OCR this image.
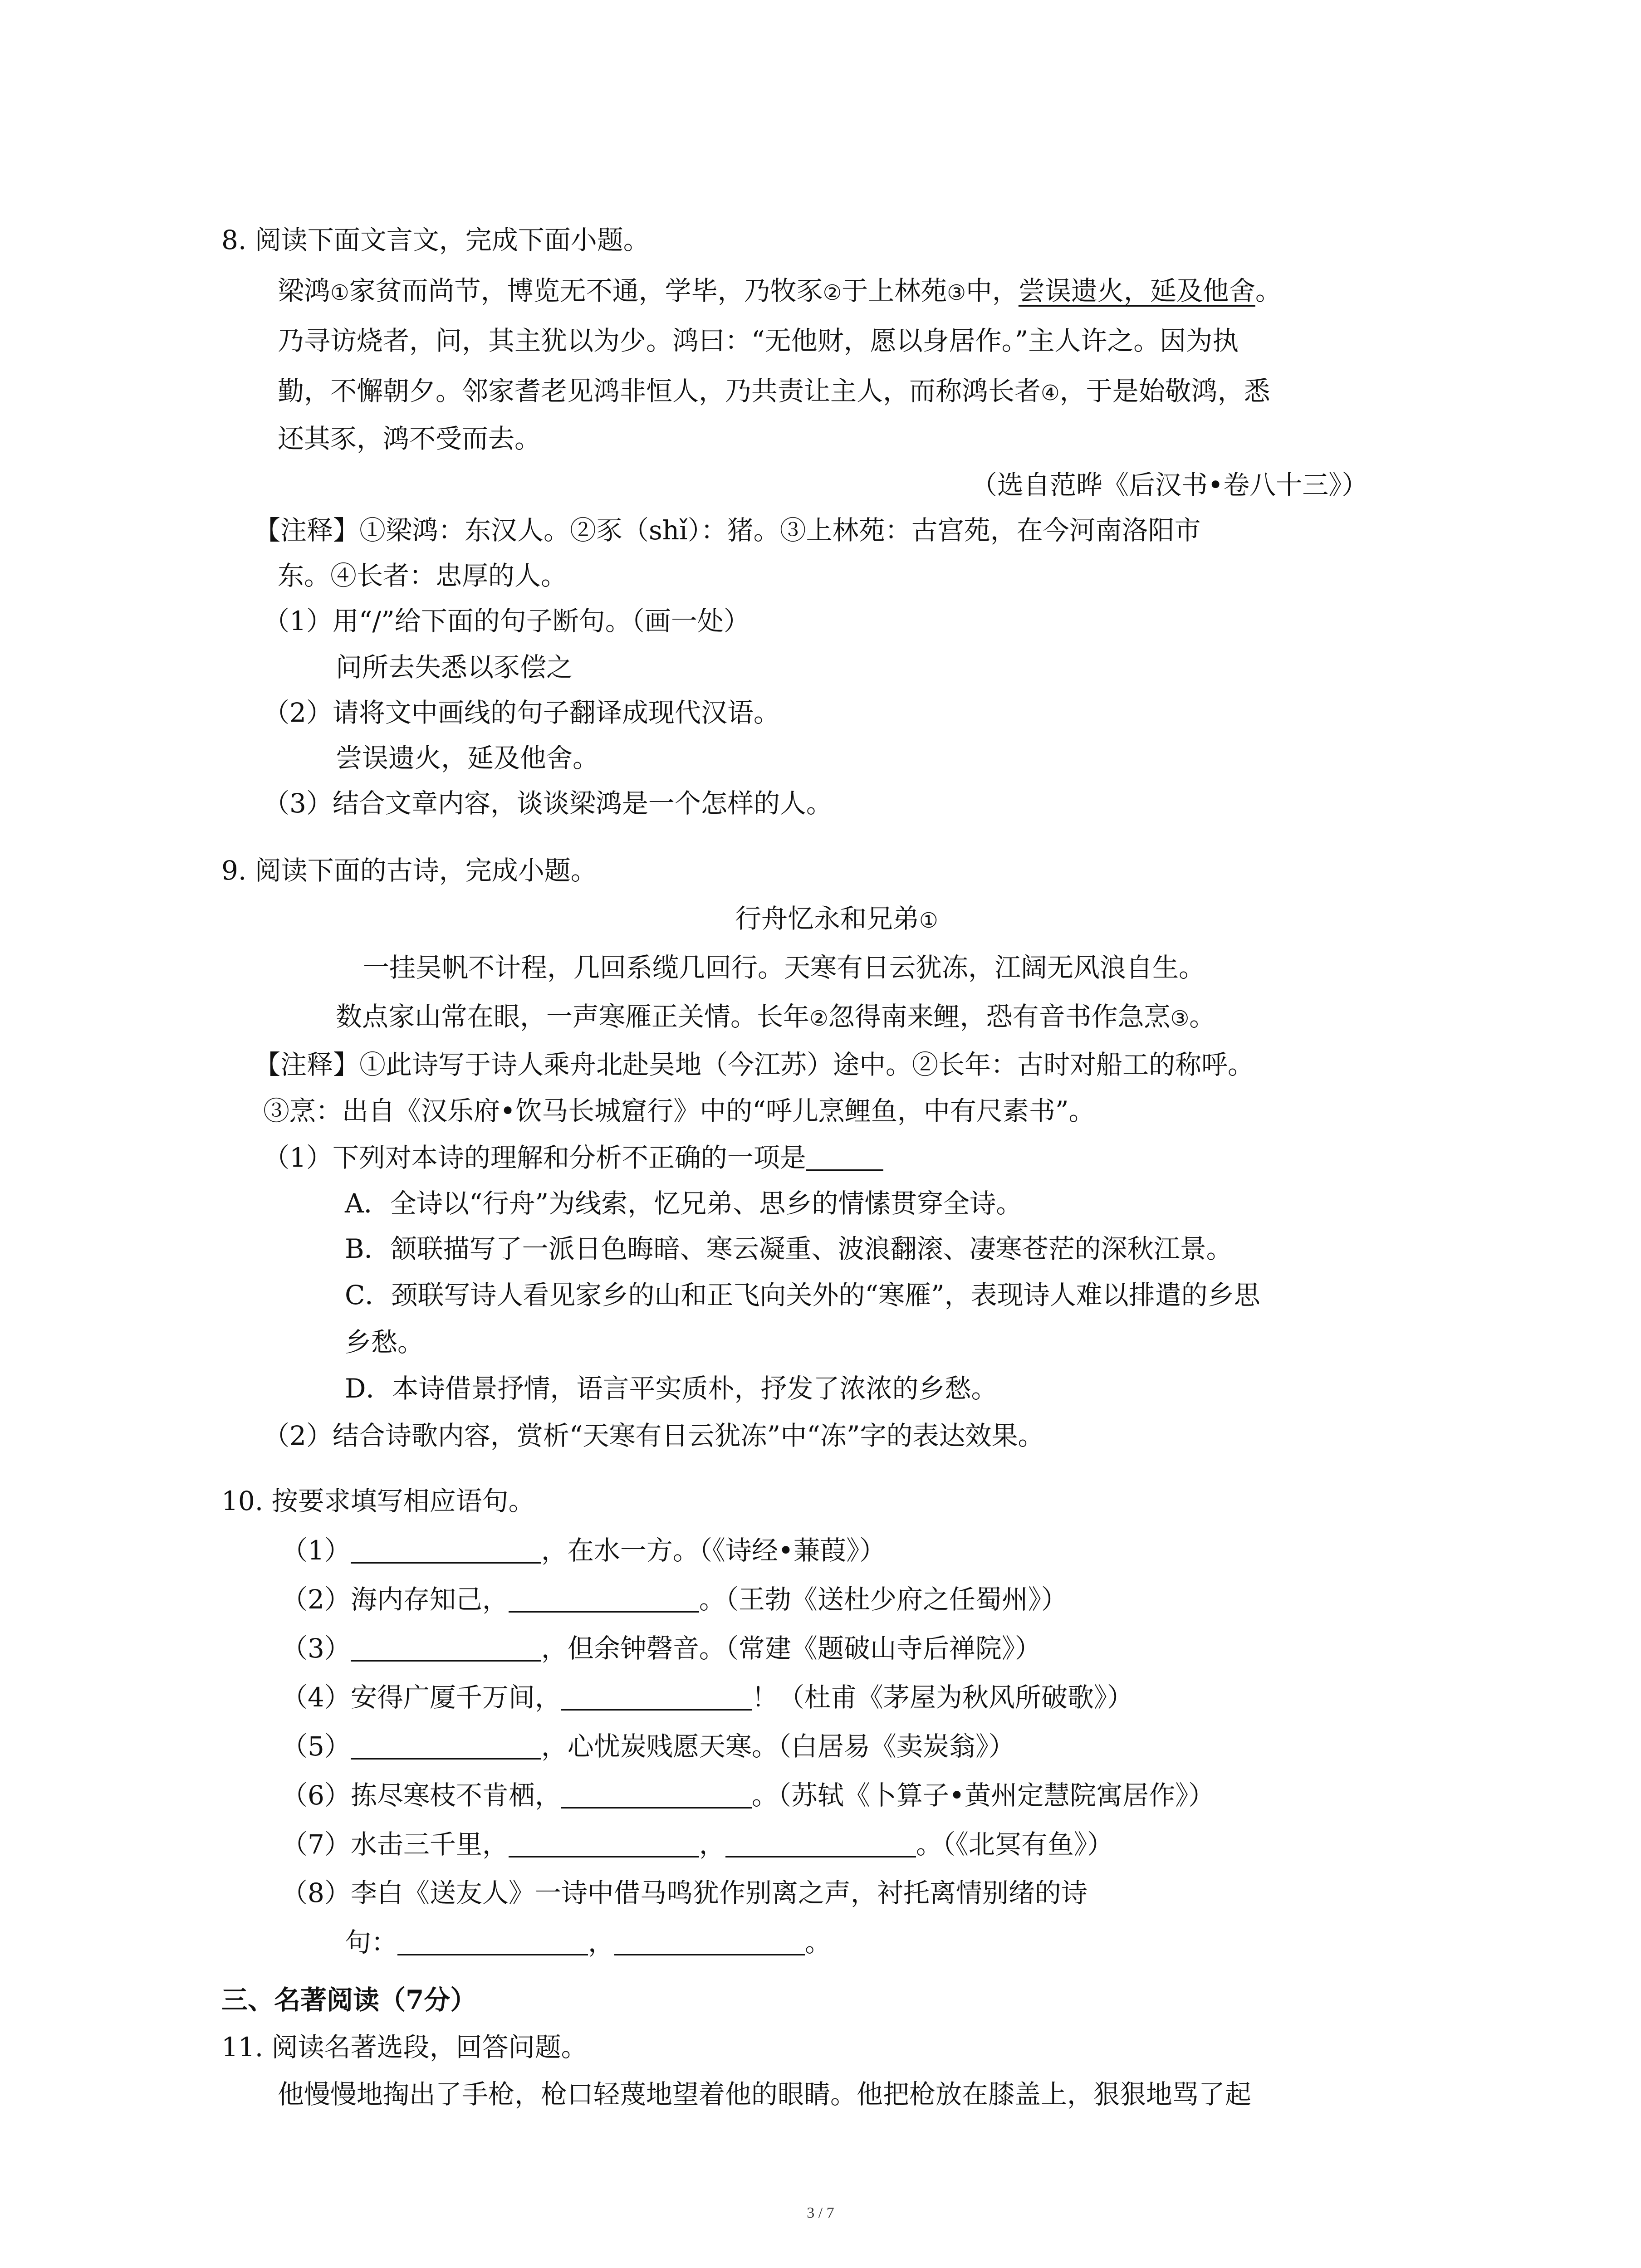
8. 阅读下面文言文，完成下面小题。
梁鸿①家贫而尚节，博览无不通，学毕，乃牧豕②于上林苑③中，尝误遗火，延及他舍。
乃寻访烧者，问，其主犹以为少。鸿曰：“无他财，愿以身居作。”主人许之。因为执
勤，不懈朝夕。邻家耆老见鸿非恒人，乃共责让主人，而称鸿长者④，于是始敬鸿，悉
还其豕，鸿不受而去。
（选自范晔《后汉书•卷八十三》）
【注释】①梁鸿：东汉人。②豕（shǐ）：猪。③上林苑：古宫苑，在今河南洛阳市
东。④长者：忠厚的人。
（1）用“/”给下面的句子断句。（画一处）
问所去失悉以豕偿之
（2）请将文中画线的句子翻译成现代汉语。
尝误遗火，延及他舍。
（3）结合文章内容，谈谈梁鸿是一个怎样的人。
9. 阅读下面的古诗，完成小题。
行舟忆永和兄弟①
一挂吴帆不计程，几回系缆几回行。天寒有日云犹冻，江阔无风浪自生。
数点家山常在眼，一声寒雁正关情。长年②忽得南来鲤，恐有音书作急烹③。
【注释】①此诗写于诗人乘舟北赴吴地（今江苏）途中。②长年：古时对船工的称呼。
③烹：出自《汉乐府•饮马长城窟行》中的“呼儿烹鲤鱼，中有尺素书”。
（1）下列对本诗的理解和分析不正确的一项是
A．全诗以“行舟”为线索，忆兄弟、思乡的情愫贯穿全诗。
B．颔联描写了一派日色晦暗、寒云凝重、波浪翻滚、凄寒苍茫的深秋江景。
C．颈联写诗人看见家乡的山和正飞向关外的“寒雁”，表现诗人难以排遣的乡思
乡愁。
D．本诗借景抒情，语言平实质朴，抒发了浓浓的乡愁。
（2）结合诗歌内容，赏析“天寒有日云犹冻”中“冻”字的表达效果。
10. 按要求填写相应语句。
（1）	，在水一方。（《诗经•蒹葭》）
（2）海内存知己，	。（王勃《送杜少府之任蜀州》）
（3）	，但余钟磬音。（常建《题破山寺后禅院》）
（4）安得广厦千万间，	！（杜甫《茅屋为秋风所破歌》）
（5）	，心忧炭贱愿天寒。（白居易《卖炭翁》）
（6）拣尽寒枝不肯栖，	。（苏轼《卜算子•黄州定慧院寓居作》）
（7）水击三千里，	，	。（《北冥有鱼》）
（8）李白《送友人》一诗中借马鸣犹作别离之声，衬托离情别绪的诗
句：	，	。
三、名著阅读（7分）
11. 阅读名著选段，回答问题。
他慢慢地掏出了手枪，枪口轻蔑地望着他的眼睛。他把枪放在膝盖上，狠狠地骂了起
3 / 7
